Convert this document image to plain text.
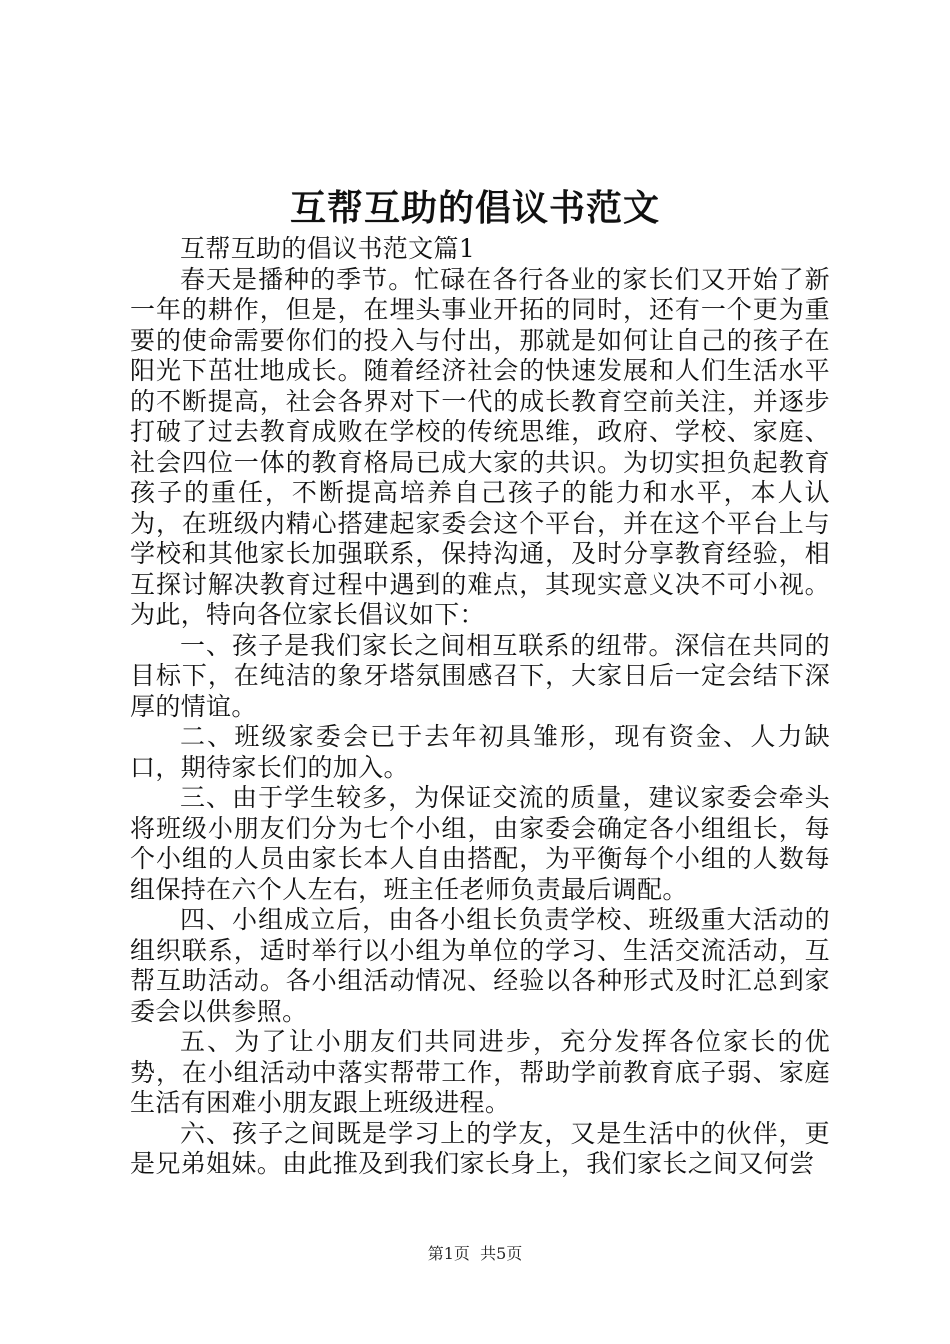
互帮互助的倡议书范文

互帮互助的倡议书范文篇1

春天是播种的季节。忙碌在各行各业的家长们又开始了新一年的耕作，但是，在埋头事业开拓的同时，还有一个更为重要的使命需要你们的投入与付出，那就是如何让自己的孩子在阳光下茁壮地成长。随着经济社会的快速发展和人们生活水平的不断提高，社会各界对下一代的成长教育空前关注，并逐步打破了过去教育成败在学校的传统思维，政府、学校、家庭、社会四位一体的教育格局已成大家的共识。为切实担负起教育孩子的重任，不断提高培养自己孩子的能力和水平，本人认为，在班级内精心搭建起家委会这个平台，并在这个平台上与学校和其他家长加强联系，保持沟通，及时分享教育经验，相互探讨解决教育过程中遇到的难点，其现实意义决不可小视。为此，特向各位家长倡议如下：

一、孩子是我们家长之间相互联系的纽带。深信在共同的目标下，在纯洁的象牙塔氛围感召下，大家日后一定会结下深厚的情谊。

二、班级家委会已于去年初具雏形，现有资金、人力缺口，期待家长们的加入。

三、由于学生较多，为保证交流的质量，建议家委会牵头将班级小朋友们分为七个小组，由家委会确定各小组组长，每个小组的人员由家长本人自由搭配，为平衡每个小组的人数每组保持在六个人左右，班主任老师负责最后调配。

四、小组成立后，由各小组长负责学校、班级重大活动的组织联系，适时举行以小组为单位的学习、生活交流活动，互帮互助活动。各小组活动情况、经验以各种形式及时汇总到家委会以供参照。

五、为了让小朋友们共同进步，充分发挥各位家长的优势，在小组活动中落实帮带工作，帮助学前教育底子弱、家庭生活有困难小朋友跟上班级进程。

六、孩子之间既是学习上的学友，又是生活中的伙伴，更是兄弟姐妹。由此推及到我们家长身上，我们家长之间又何尝

第1页 共5页
